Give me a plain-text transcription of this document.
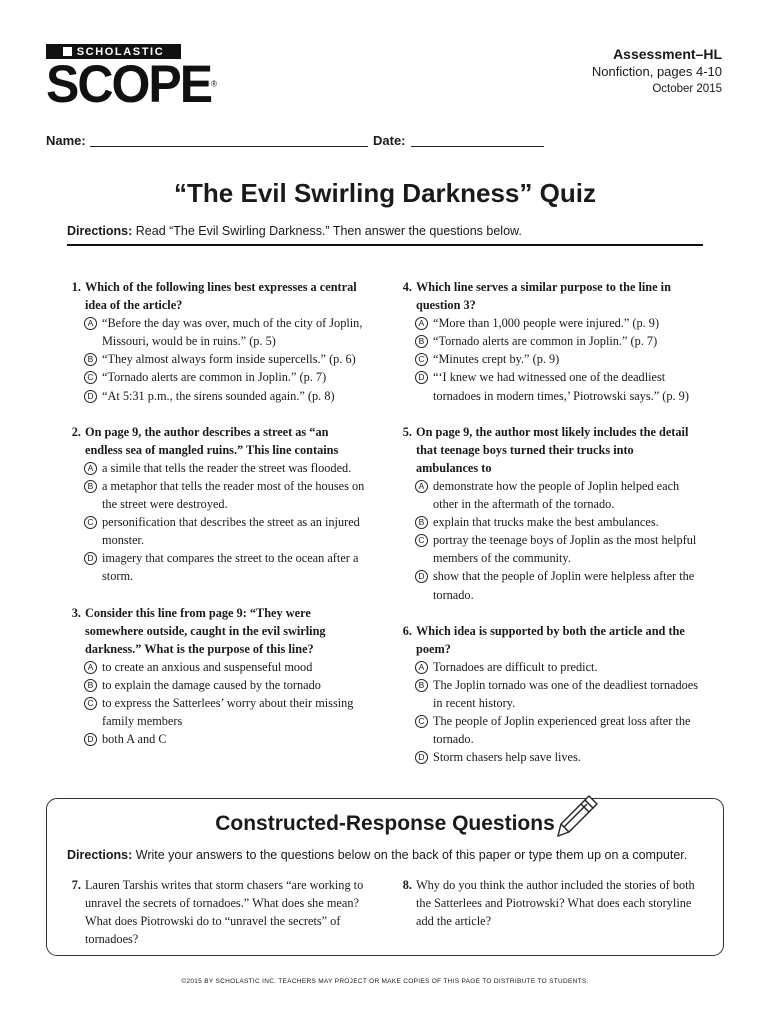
SCHOLASTIC
SCOPE®
Assessment–HL
Nonfiction, pages 4-10
October 2015
Name:	Date:
“The Evil Swirling Darkness” Quiz
Directions: Read “The Evil Swirling Darkness.” Then answer the questions below.
1. Which of the following lines best expresses a central idea of the article?
A “Before the day was over, much of the city of Joplin, Missouri, would be in ruins.” (p. 5)
B “They almost always form inside supercells.” (p. 6)
C “Tornado alerts are common in Joplin.” (p. 7)
D “At 5:31 p.m., the sirens sounded again.” (p. 8)
2. On page 9, the author describes a street as “an endless sea of mangled ruins.” This line contains
A a simile that tells the reader the street was flooded.
B a metaphor that tells the reader most of the houses on the street were destroyed.
C personification that describes the street as an injured monster.
D imagery that compares the street to the ocean after a storm.
3. Consider this line from page 9: “They were somewhere outside, caught in the evil swirling darkness.” What is the purpose of this line?
A to create an anxious and suspenseful mood
B to explain the damage caused by the tornado
C to express the Satterlees’ worry about their missing family members
D both A and C
4. Which line serves a similar purpose to the line in question 3?
A “More than 1,000 people were injured.” (p. 9)
B “Tornado alerts are common in Joplin.” (p. 7)
C “Minutes crept by.” (p. 9)
D “‘I knew we had witnessed one of the deadliest tornadoes in modern times,’ Piotrowski says.” (p. 9)
5. On page 9, the author most likely includes the detail that teenage boys turned their trucks into ambulances to
A demonstrate how the people of Joplin helped each other in the aftermath of the tornado.
B explain that trucks make the best ambulances.
C portray the teenage boys of Joplin as the most helpful members of the community.
D show that the people of Joplin were helpless after the tornado.
6. Which idea is supported by both the article and the poem?
A Tornadoes are difficult to predict.
B The Joplin tornado was one of the deadliest tornadoes in recent history.
C The people of Joplin experienced great loss after the tornado.
D Storm chasers help save lives.
Constructed-Response Questions
Directions: Write your answers to the questions below on the back of this paper or type them up on a computer.
7. Lauren Tarshis writes that storm chasers “are working to unravel the secrets of tornadoes.” What does she mean? What does Piotrowski do to “unravel the secrets” of tornadoes?
8. Why do you think the author included the stories of both the Satterlees and Piotrowski? What does each storyline add the article?
©2015 BY SCHOLASTIC INC. TEACHERS MAY PROJECT OR MAKE COPIES OF THIS PAGE TO DISTRIBUTE TO STUDENTS.
